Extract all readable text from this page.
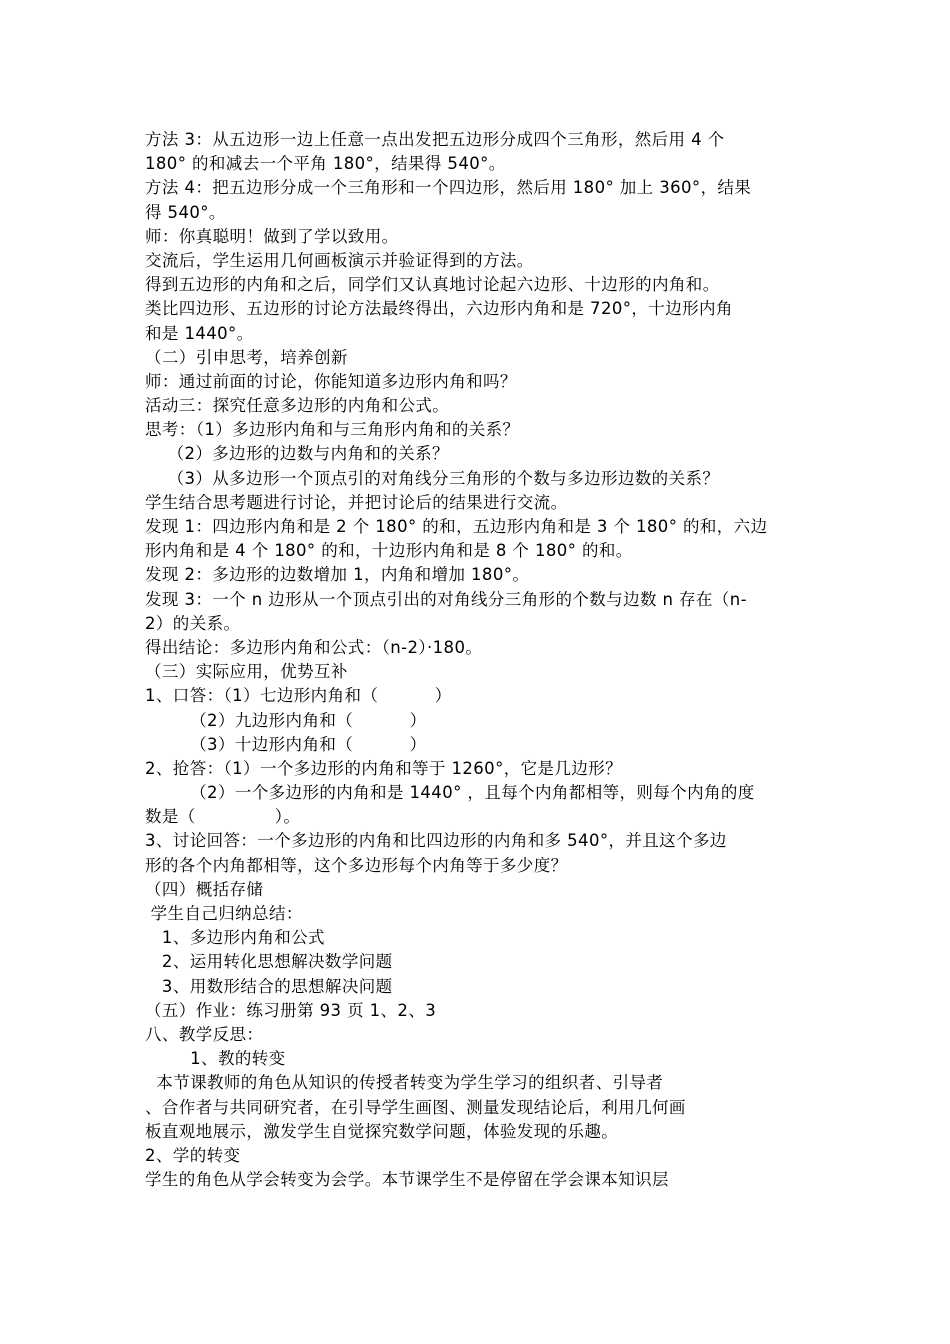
方法 3：从五边形一边上任意一点出发把五边形分成四个三角形，然后用 4 个
180° 的和减去一个平角 180°，结果得 540°。
方法 4：把五边形分成一个三角形和一个四边形，然后用 180° 加上 360°，结果
得 540°。
师：你真聪明！做到了学以致用。
交流后，学生运用几何画板演示并验证得到的方法。
得到五边形的内角和之后，同学们又认真地讨论起六边形、十边形的内角和。
类比四边形、五边形的讨论方法最终得出，六边形内角和是 720°，十边形内角
和是 1440°。
（二）引申思考，培养创新
师：通过前面的讨论，你能知道多边形内角和吗？
活动三：探究任意多边形的内角和公式。
思考：（1）多边形内角和与三角形内角和的关系？
（2）多边形的边数与内角和的关系？
（3）从多边形一个顶点引的对角线分三角形的个数与多边形边数的关系？
学生结合思考题进行讨论，并把讨论后的结果进行交流。
发现 1：四边形内角和是 2 个 180° 的和，五边形内角和是 3 个 180° 的和，六边
形内角和是 4 个 180° 的和，十边形内角和是 8 个 180° 的和。
发现 2：多边形的边数增加 1，内角和增加 180°。
发现 3：一个 n 边形从一个顶点引出的对角线分三角形的个数与边数 n 存在（n-
2）的关系。
得出结论：多边形内角和公式：（n-2）·180。
（三）实际应用，优势互补
1、口答：（1）七边形内角和（          ）
（2）九边形内角和（          ）
（3）十边形内角和（          ）
2、抢答：（1）一个多边形的内角和等于 1260°，它是几边形？
（2）一个多边形的内角和是 1440° ，且每个内角都相等，则每个内角的度
数是（              ）。
3、讨论回答：一个多边形的内角和比四边形的内角和多 540°，并且这个多边
形的各个内角都相等，这个多边形每个内角等于多少度？
（四）概括存储
学生自己归纳总结：
1、多边形内角和公式
2、运用转化思想解决数学问题
3、用数形结合的思想解决问题
（五）作业：练习册第 93 页 1、2、3
八、教学反思：
1、教的转变
本节课教师的角色从知识的传授者转变为学生学习的组织者、引导者
、合作者与共同研究者，在引导学生画图、测量发现结论后，利用几何画
板直观地展示，激发学生自觉探究数学问题，体验发现的乐趣。
2、学的转变
学生的角色从学会转变为会学。本节课学生不是停留在学会课本知识层
